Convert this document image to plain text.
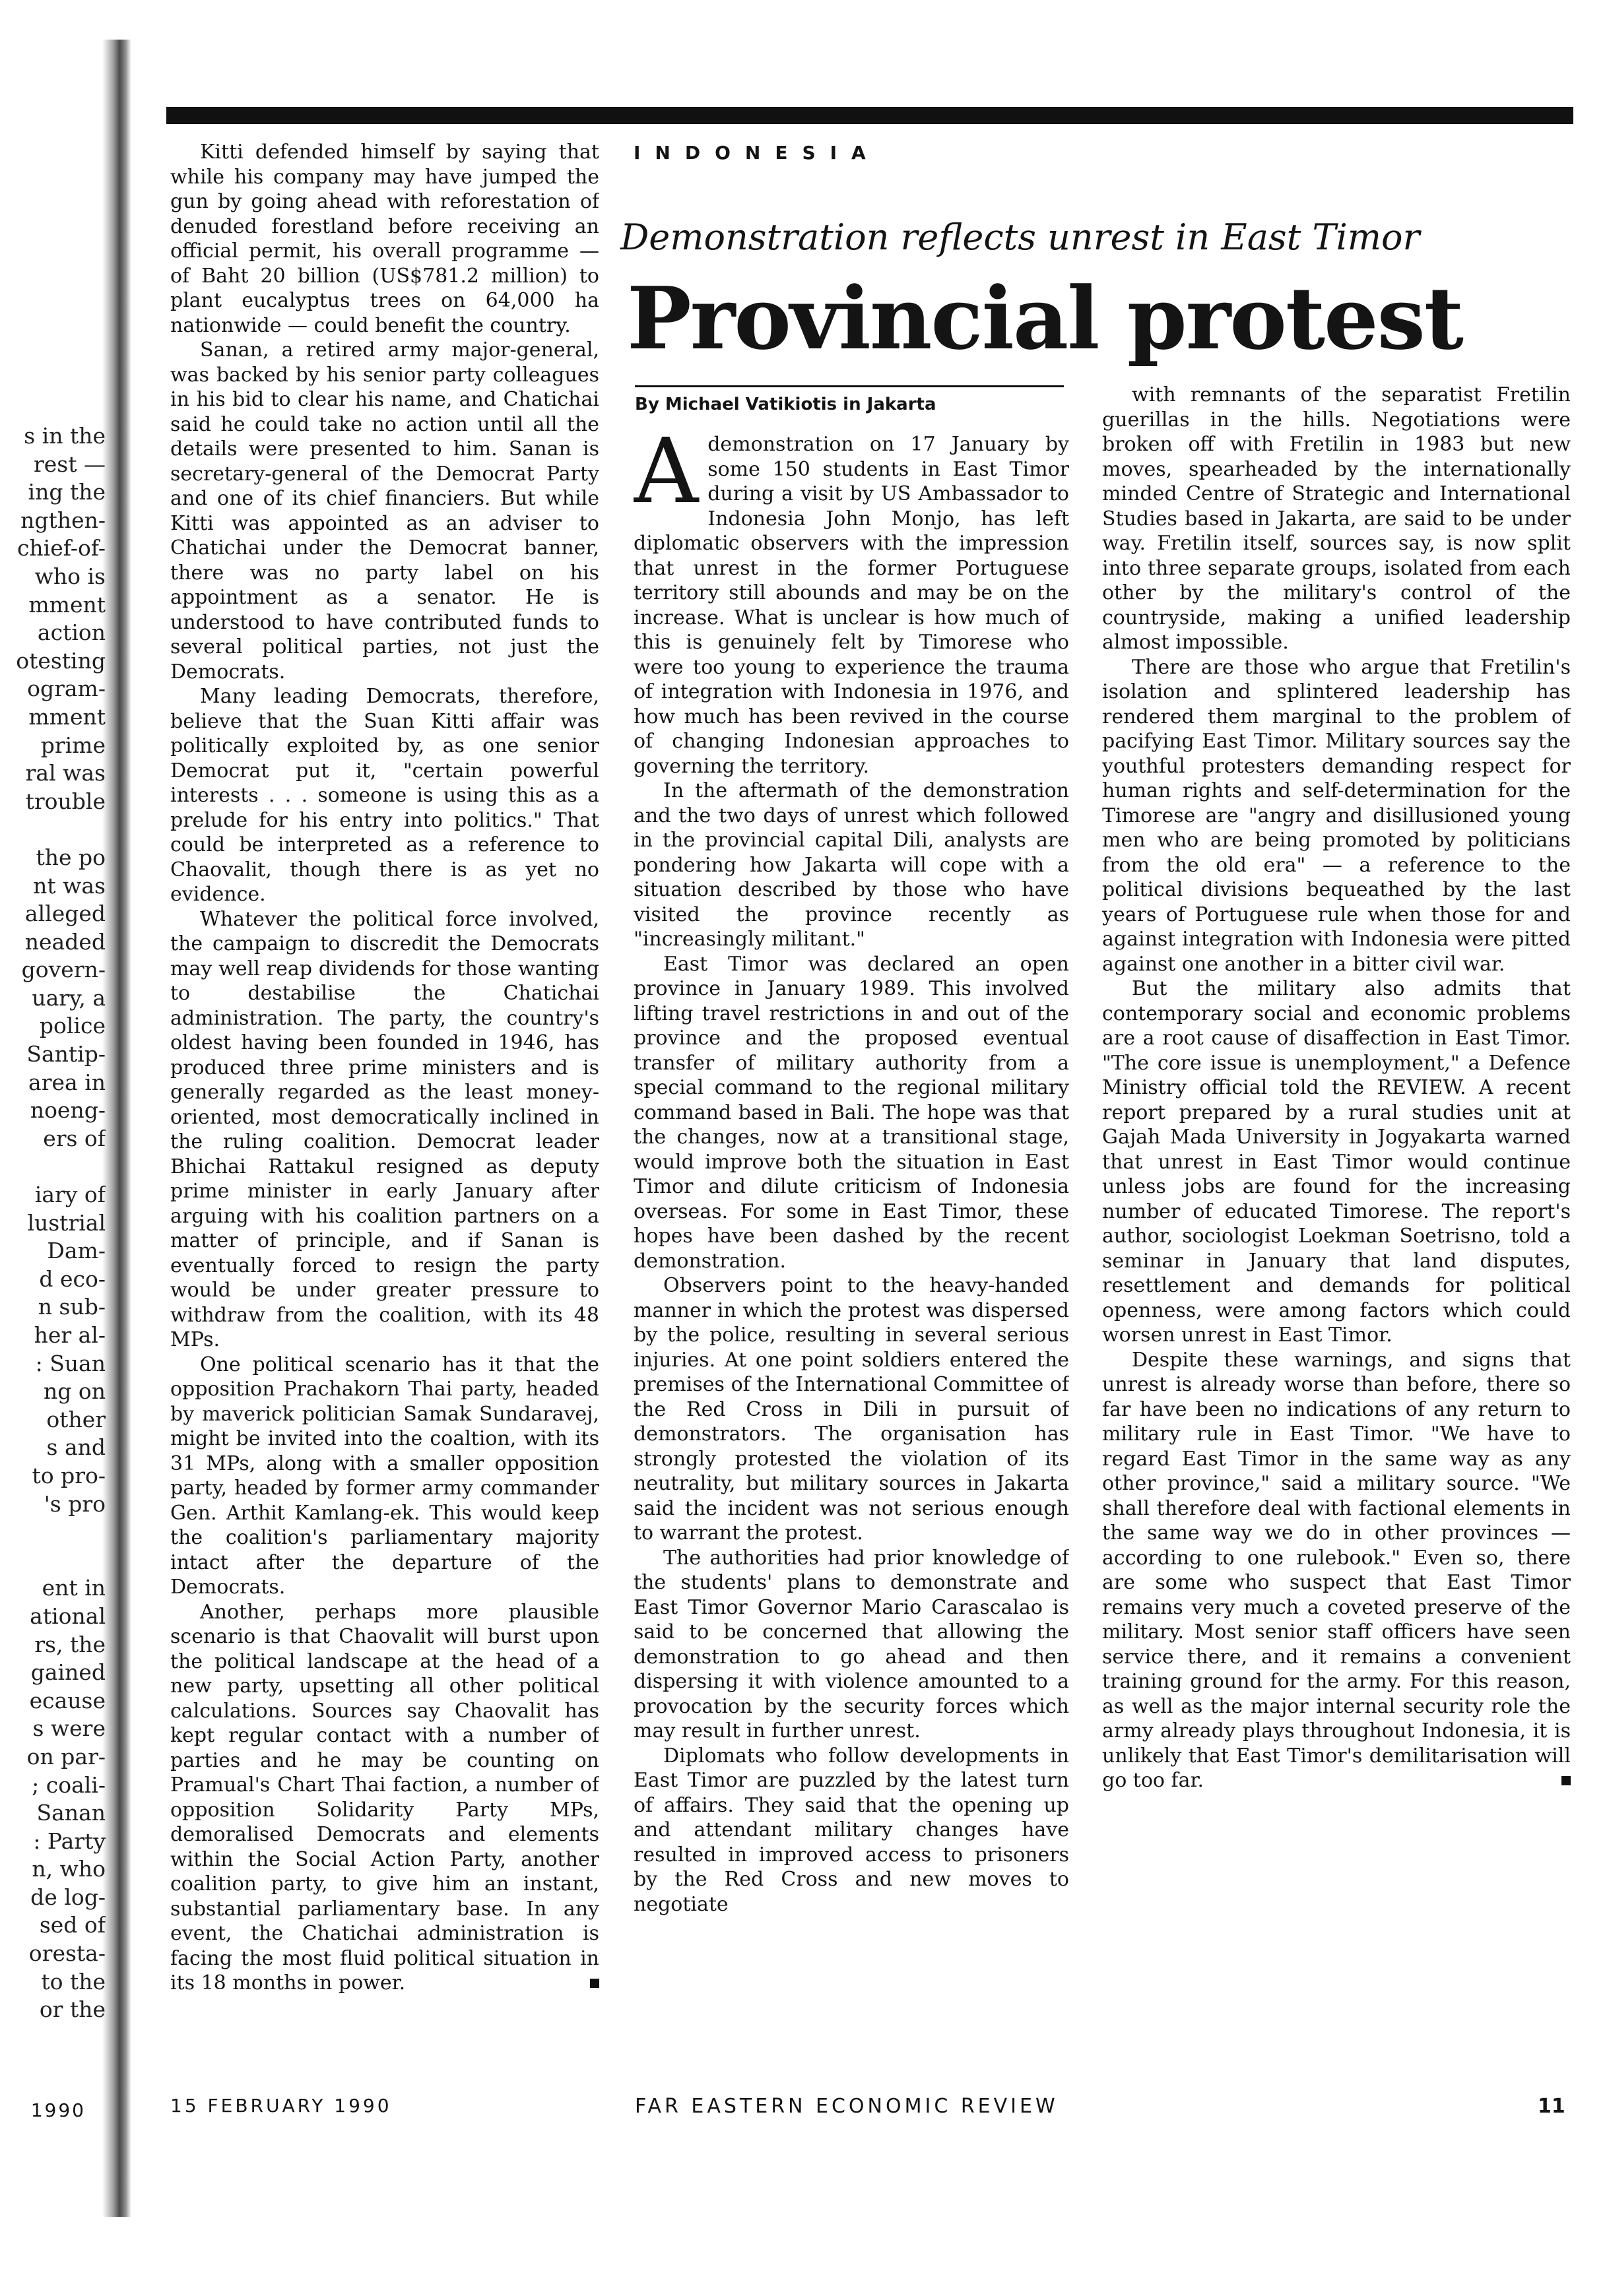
s in the
rest —
ing the
ngthen-
chief-of-
who is
mment
action
otesting
ogram-
mment
prime
ral was
trouble
the po
nt was
alleged
neaded
govern-
uary, a
police
Santip-
area in
noeng-
ers of
iary of
lustrial
Dam-
d eco-
n sub-
her al-
: Suan
ng on
other
s and
to pro-
's pro
ent in
ational
rs, the
gained
ecause
s were
on par-
; coali-
Sanan
: Party
n, who
de log-
sed of
oresta-
to the
or the
1990

Kitti defended himself by saying that while his company may have jumped the gun by going ahead with reforestation of denuded forestland before receiving an official permit, his overall programme — of Baht 20 billion (US$781.2 million) to plant eucalyptus trees on 64,000 ha nationwide — could benefit the country.

Sanan, a retired army major-general, was backed by his senior party colleagues in his bid to clear his name, and Chatichai said he could take no action until all the details were presented to him. Sanan is secretary-general of the Democrat Party and one of its chief financiers. But while Kitti was appointed as an adviser to Chatichai under the Democrat banner, there was no party label on his appointment as a senator. He is understood to have contributed funds to several political parties, not just the Democrats.

Many leading Democrats, therefore, believe that the Suan Kitti affair was politically exploited by, as one senior Democrat put it, "certain powerful interests . . . someone is using this as a prelude for his entry into politics." That could be interpreted as a reference to Chaovalit, though there is as yet no evidence.

Whatever the political force involved, the campaign to discredit the Democrats may well reap dividends for those wanting to destabilise the Chatichai administration. The party, the country's oldest having been founded in 1946, has produced three prime ministers and is generally regarded as the least money-oriented, most democratically inclined in the ruling coalition. Democrat leader Bhichai Rattakul resigned as deputy prime minister in early January after arguing with his coalition partners on a matter of principle, and if Sanan is eventually forced to resign the party would be under greater pressure to withdraw from the coalition, with its 48 MPs.

One political scenario has it that the opposition Prachakorn Thai party, headed by maverick politician Samak Sundaravej, might be invited into the coaltion, with its 31 MPs, along with a smaller opposition party, headed by former army commander Gen. Arthit Kamlang-ek. This would keep the coalition's parliamentary majority intact after the departure of the Democrats.

Another, perhaps more plausible scenario is that Chaovalit will burst upon the political landscape at the head of a new party, upsetting all other political calculations. Sources say Chaovalit has kept regular contact with a number of parties and he may be counting on Pramual's Chart Thai faction, a number of opposition Solidarity Party MPs, demoralised Democrats and elements within the Social Action Party, another coalition party, to give him an instant, substantial parliamentary base. In any event, the Chatichai administration is facing the most fluid political situation in its 18 months in power.

INDONESIA
Demonstration reflects unrest in East Timor
Provincial protest
By Michael Vatikiotis in Jakarta

Ademonstration on 17 January by some 150 students in East Timor during a visit by US Ambassador to Indonesia John Monjo, has left diplomatic observers with the impression that unrest in the former Portuguese territory still abounds and may be on the increase. What is unclear is how much of this is genuinely felt by Timorese who were too young to experience the trauma of integration with Indonesia in 1976, and how much has been revived in the course of changing Indonesian approaches to governing the territory.

In the aftermath of the demonstration and the two days of unrest which followed in the provincial capital Dili, analysts are pondering how Jakarta will cope with a situation described by those who have visited the province recently as "increasingly militant."

East Timor was declared an open province in January 1989. This involved lifting travel restrictions in and out of the province and the proposed eventual transfer of military authority from a special command to the regional military command based in Bali. The hope was that the changes, now at a transitional stage, would improve both the situation in East Timor and dilute criticism of Indonesia overseas. For some in East Timor, these hopes have been dashed by the recent demonstration.

Observers point to the heavy-handed manner in which the protest was dispersed by the police, resulting in several serious injuries. At one point soldiers entered the premises of the International Committee of the Red Cross in Dili in pursuit of demonstrators. The organisation has strongly protested the violation of its neutrality, but military sources in Jakarta said the incident was not serious enough to warrant the protest.

The authorities had prior knowledge of the students' plans to demonstrate and East Timor Governor Mario Carascalao is said to be concerned that allowing the demonstration to go ahead and then dispersing it with violence amounted to a provocation by the security forces which may result in further unrest.

Diplomats who follow developments in East Timor are puzzled by the latest turn of affairs. They said that the opening up and attendant military changes have resulted in improved access to prisoners by the Red Cross and new moves to negotiate

with remnants of the separatist Fretilin guerillas in the hills. Negotiations were broken off with Fretilin in 1983 but new moves, spearheaded by the internationally minded Centre of Strategic and International Studies based in Jakarta, are said to be under way. Fretilin itself, sources say, is now split into three separate groups, isolated from each other by the military's control of the countryside, making a unified leadership almost impossible.

There are those who argue that Fretilin's isolation and splintered leadership has rendered them marginal to the problem of pacifying East Timor. Military sources say the youthful protesters demanding respect for human rights and self-determination for the Timorese are "angry and disillusioned young men who are being promoted by politicians from the old era" — a reference to the political divisions bequeathed by the last years of Portuguese rule when those for and against integration with Indonesia were pitted against one another in a bitter civil war.

But the military also admits that contemporary social and economic problems are a root cause of disaffection in East Timor. "The core issue is unemployment," a Defence Ministry official told the REVIEW. A recent report prepared by a rural studies unit at Gajah Mada University in Jogyakarta warned that unrest in East Timor would continue unless jobs are found for the increasing number of educated Timorese. The report's author, sociologist Loekman Soetrisno, told a seminar in January that land disputes, resettlement and demands for political openness, were among factors which could worsen unrest in East Timor.

Despite these warnings, and signs that unrest is already worse than before, there so far have been no indications of any return to military rule in East Timor. "We have to regard East Timor in the same way as any other province," said a military source. "We shall therefore deal with factional elements in the same way we do in other provinces — according to one rulebook." Even so, there are some who suspect that East Timor remains very much a coveted preserve of the military. Most senior staff officers have seen service there, and it remains a convenient training ground for the army. For this reason, as well as the major internal security role the army already plays throughout Indonesia, it is unlikely that East Timor's demilitarisation will go too far.

15 FEBRUARY 1990	FAR EASTERN ECONOMIC REVIEW	11
